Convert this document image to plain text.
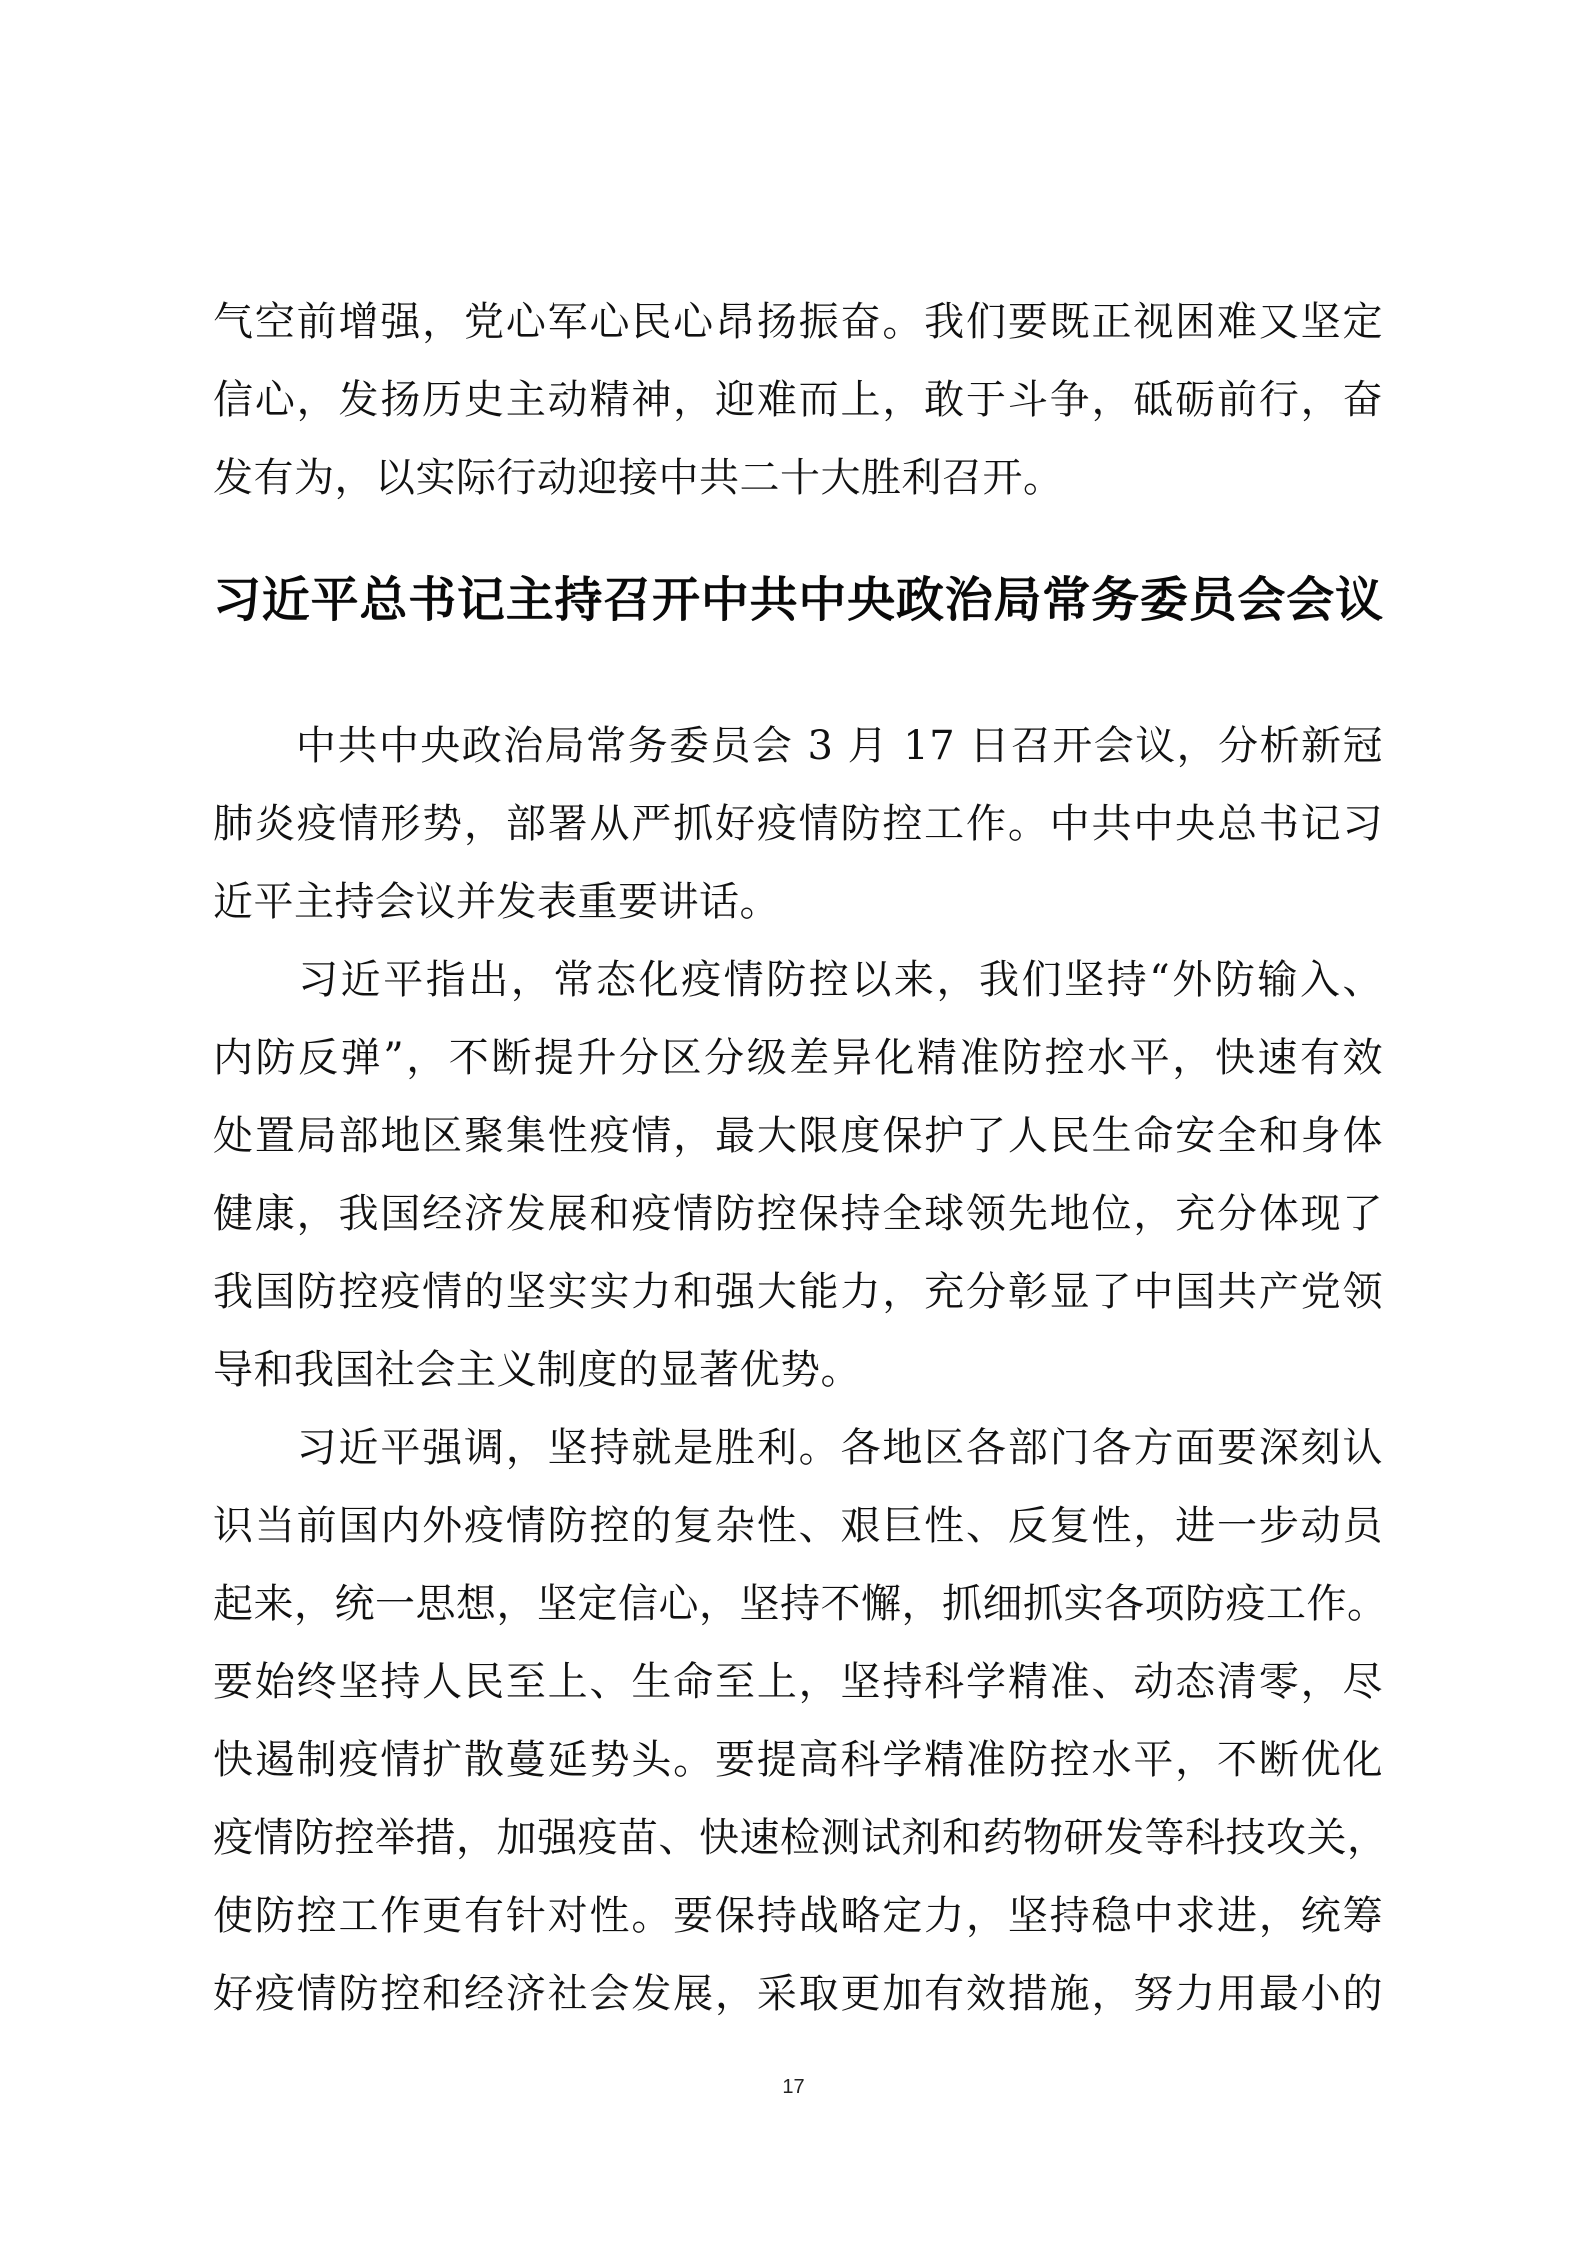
气空前增强，党心军心民心昂扬振奋。我们要既正视困难又坚定
信心，发扬历史主动精神，迎难而上，敢于斗争，砥砺前行，奋
发有为，以实际行动迎接中共二十大胜利召开。
习近平总书记主持召开中共中央政治局常务委员会会议
　　中共中央政治局常务委员会 3 月 17 日召开会议，分析新冠
肺炎疫情形势，部署从严抓好疫情防控工作。中共中央总书记习
近平主持会议并发表重要讲话。
　　习近平指出，常态化疫情防控以来，我们坚持“外防输入、
内防反弹”，不断提升分区分级差异化精准防控水平，快速有效
处置局部地区聚集性疫情，最大限度保护了人民生命安全和身体
健康，我国经济发展和疫情防控保持全球领先地位，充分体现了
我国防控疫情的坚实实力和强大能力，充分彰显了中国共产党领
导和我国社会主义制度的显著优势。
　　习近平强调，坚持就是胜利。各地区各部门各方面要深刻认
识当前国内外疫情防控的复杂性、艰巨性、反复性，进一步动员
起来，统一思想，坚定信心，坚持不懈，抓细抓实各项防疫工作。
要始终坚持人民至上、生命至上，坚持科学精准、动态清零，尽
快遏制疫情扩散蔓延势头。要提高科学精准防控水平，不断优化
疫情防控举措，加强疫苗、快速检测试剂和药物研发等科技攻关，
使防控工作更有针对性。要保持战略定力，坚持稳中求进，统筹
好疫情防控和经济社会发展，采取更加有效措施，努力用最小的
17
